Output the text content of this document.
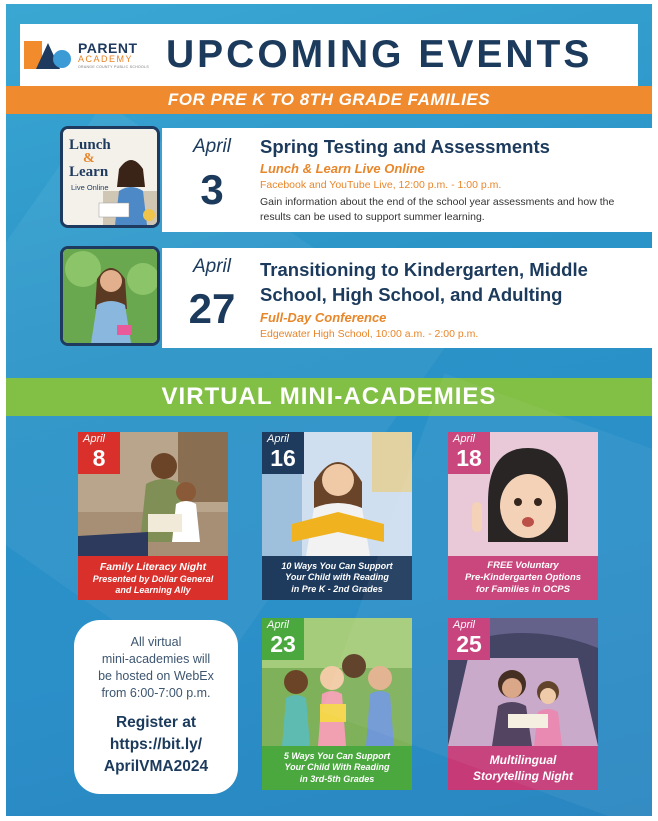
PARENT
ACADEMY
ORANGE COUNTY PUBLIC SCHOOLS UPCOMING EVENTS
FOR PRE K TO 8TH GRADE FAMILIES
April
3
Spring Testing and Assessments
Lunch & Learn Live Online
Facebook and YouTube Live, 12:00 p.m. - 1:00 p.m.
Gain information about the end of the school year assessments and how the results can be used to support summer learning.
Lunch
&
Learn
Live Online
April
27
Transitioning to Kindergarten, Middle
School, High School, and Adulting
Full-Day Conference
Edgewater High School, 10:00 a.m. - 2:00 p.m.
VIRTUAL MINI-ACADEMIES
April
8
Family Literacy Night
Presented by Dollar General
and Learning Ally
April
16
10 Ways You Can Support
Your Child with Reading
in Pre K - 2nd Grades
April
18
FREE Voluntary
Pre-Kindergarten Options
for Families in OCPS
April
23
5 Ways You Can Support
Your Child With Reading
in 3rd-5th Grades
April
25
Multilingual
Storytelling Night
All virtual
mini-academies will
be hosted on WebEx
from 6:00-7:00 p.m.
Register at
https://bit.ly/
AprilVMA2024
